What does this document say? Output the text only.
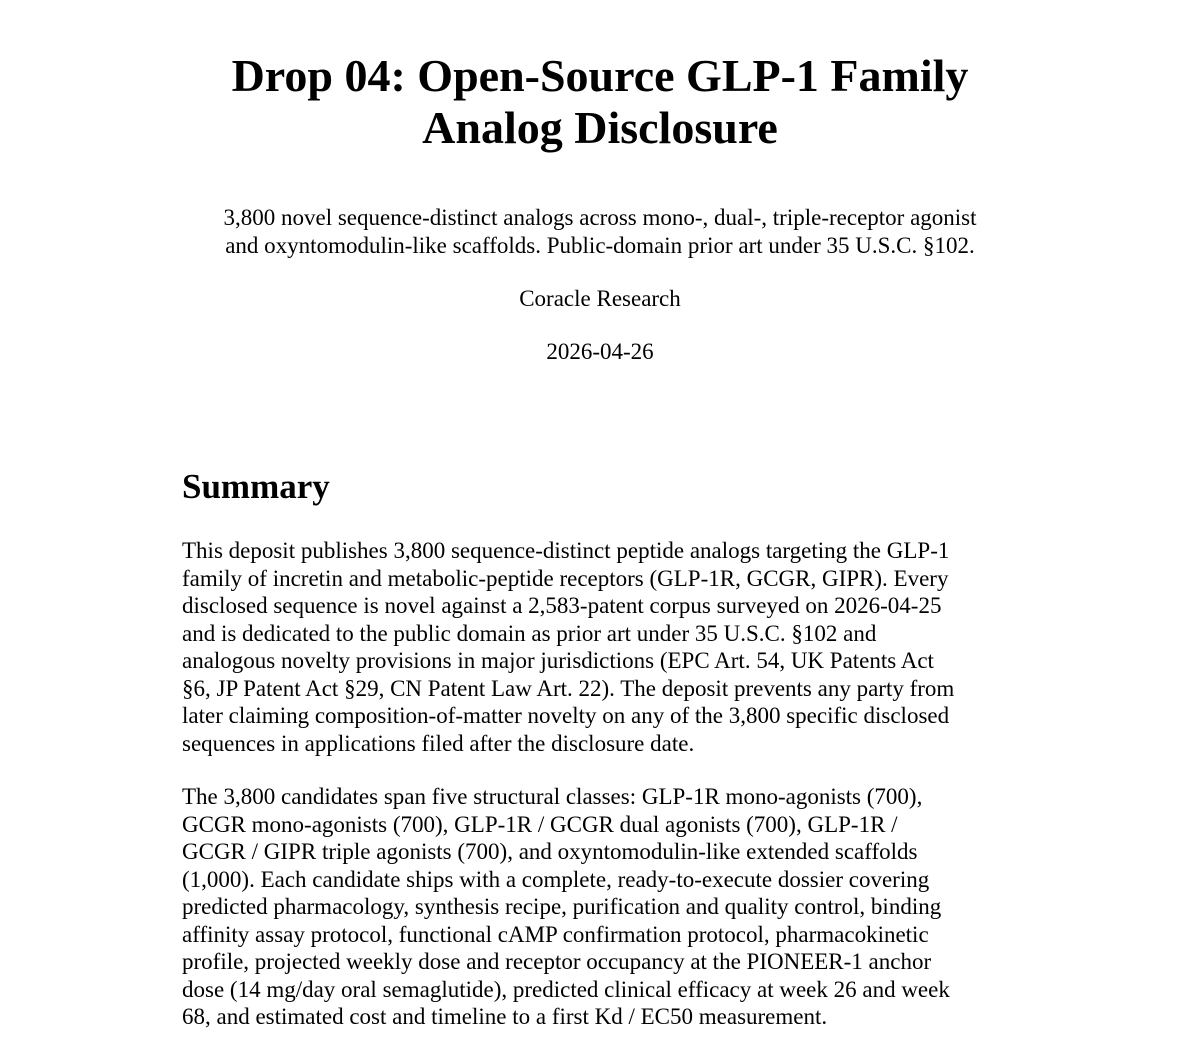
Drop 04: Open-Source GLP-1 Family
Analog Disclosure

3,800 novel sequence-distinct analogs across mono-, dual-, triple-receptor agonist
and oxyntomodulin-like scaffolds. Public-domain prior art under 35 U.S.C. §102.

Coracle Research

2026-04-26

Summary

This deposit publishes 3,800 sequence-distinct peptide analogs targeting the GLP-1
family of incretin and metabolic-peptide receptors (GLP-1R, GCGR, GIPR). Every
disclosed sequence is novel against a 2,583-patent corpus surveyed on 2026-04-25
and is dedicated to the public domain as prior art under 35 U.S.C. §102 and
analogous novelty provisions in major jurisdictions (EPC Art. 54, UK Patents Act
§6, JP Patent Act §29, CN Patent Law Art. 22). The deposit prevents any party from
later claiming composition-of-matter novelty on any of the 3,800 specific disclosed
sequences in applications filed after the disclosure date.

The 3,800 candidates span five structural classes: GLP-1R mono-agonists (700),
GCGR mono-agonists (700), GLP-1R / GCGR dual agonists (700), GLP-1R /
GCGR / GIPR triple agonists (700), and oxyntomodulin-like extended scaffolds
(1,000). Each candidate ships with a complete, ready-to-execute dossier covering
predicted pharmacology, synthesis recipe, purification and quality control, binding
affinity assay protocol, functional cAMP confirmation protocol, pharmacokinetic
profile, projected weekly dose and receptor occupancy at the PIONEER-1 anchor
dose (14 mg/day oral semaglutide), predicted clinical efficacy at week 26 and week
68, and estimated cost and timeline to a first Kd / EC50 measurement.
